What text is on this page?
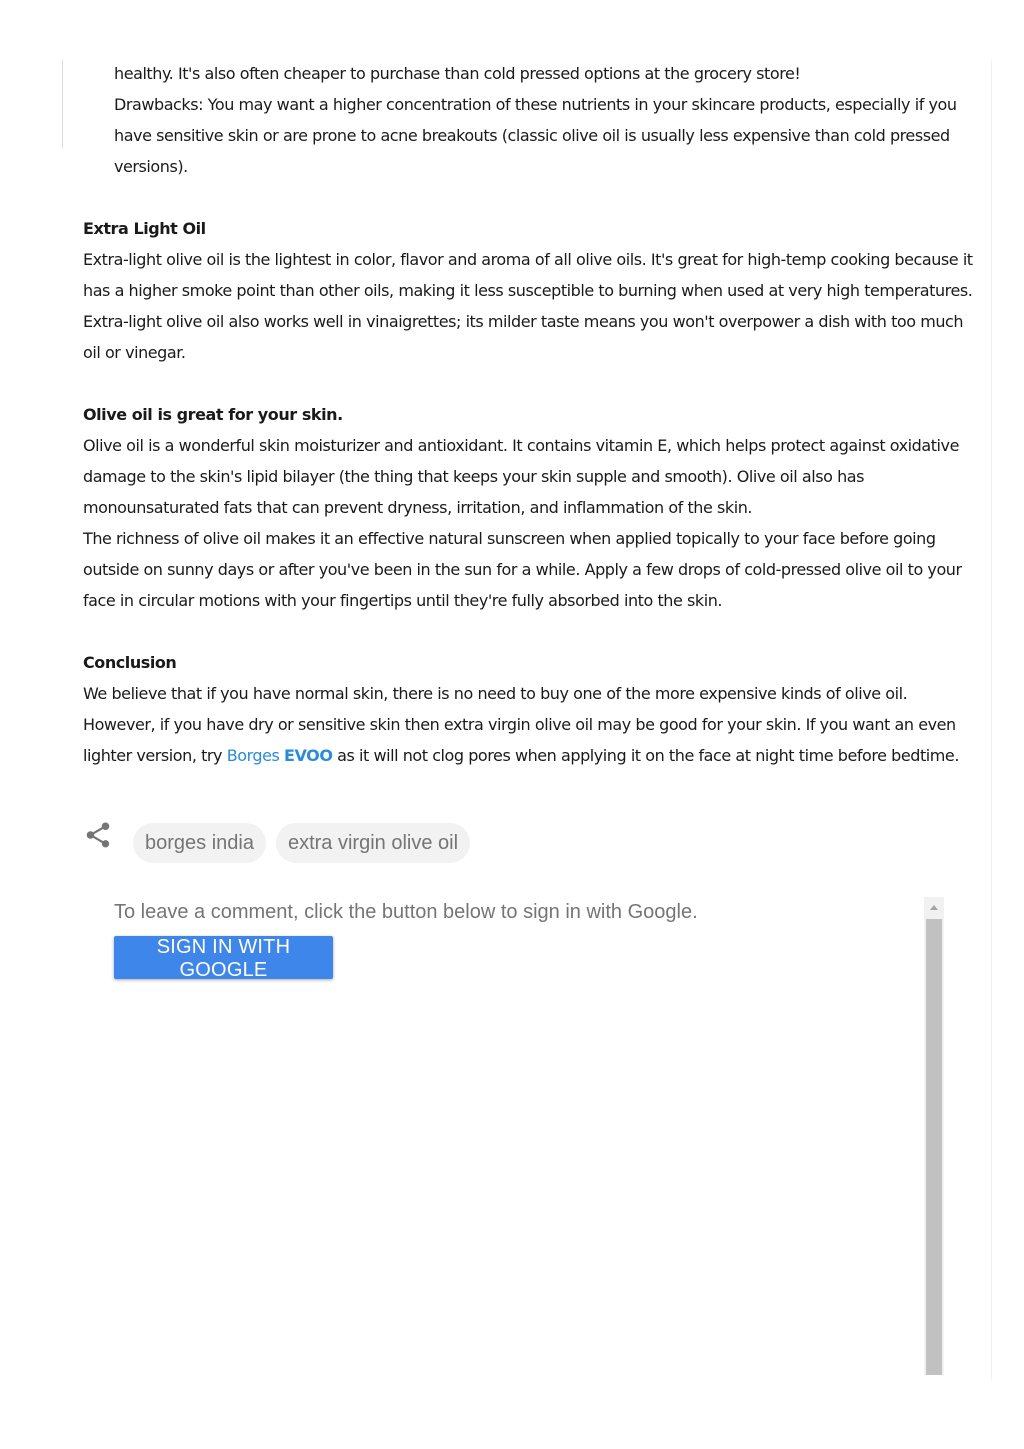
healthy. It's also often cheaper to purchase than cold pressed options at the grocery store!

Drawbacks: You may want a higher concentration of these nutrients in your skincare products, especially if you have sensitive skin or are prone to acne breakouts (classic olive oil is usually less expensive than cold pressed versions).

Extra Light Oil

Extra-light olive oil is the lightest in color, flavor and aroma of all olive oils. It's great for high-temp cooking because it has a higher smoke point than other oils, making it less susceptible to burning when used at very high temperatures. Extra-light olive oil also works well in vinaigrettes; its milder taste means you won't overpower a dish with too much oil or vinegar.

Olive oil is great for your skin.

Olive oil is a wonderful skin moisturizer and antioxidant. It contains vitamin E, which helps protect against oxidative damage to the skin's lipid bilayer (the thing that keeps your skin supple and smooth). Olive oil also has monounsaturated fats that can prevent dryness, irritation, and inflammation of the skin.

The richness of olive oil makes it an effective natural sunscreen when applied topically to your face before going outside on sunny days or after you've been in the sun for a while. Apply a few drops of cold-pressed olive oil to your face in circular motions with your fingertips until they're fully absorbed into the skin.

Conclusion

We believe that if you have normal skin, there is no need to buy one of the more expensive kinds of olive oil. However, if you have dry or sensitive skin then extra virgin olive oil may be good for your skin. If you want an even lighter version, try Borges EVOO as it will not clog pores when applying it on the face at night time before bedtime.

borges india	extra virgin olive oil
To leave a comment, click the button below to sign in with Google.
SIGN IN WITH GOOGLE
